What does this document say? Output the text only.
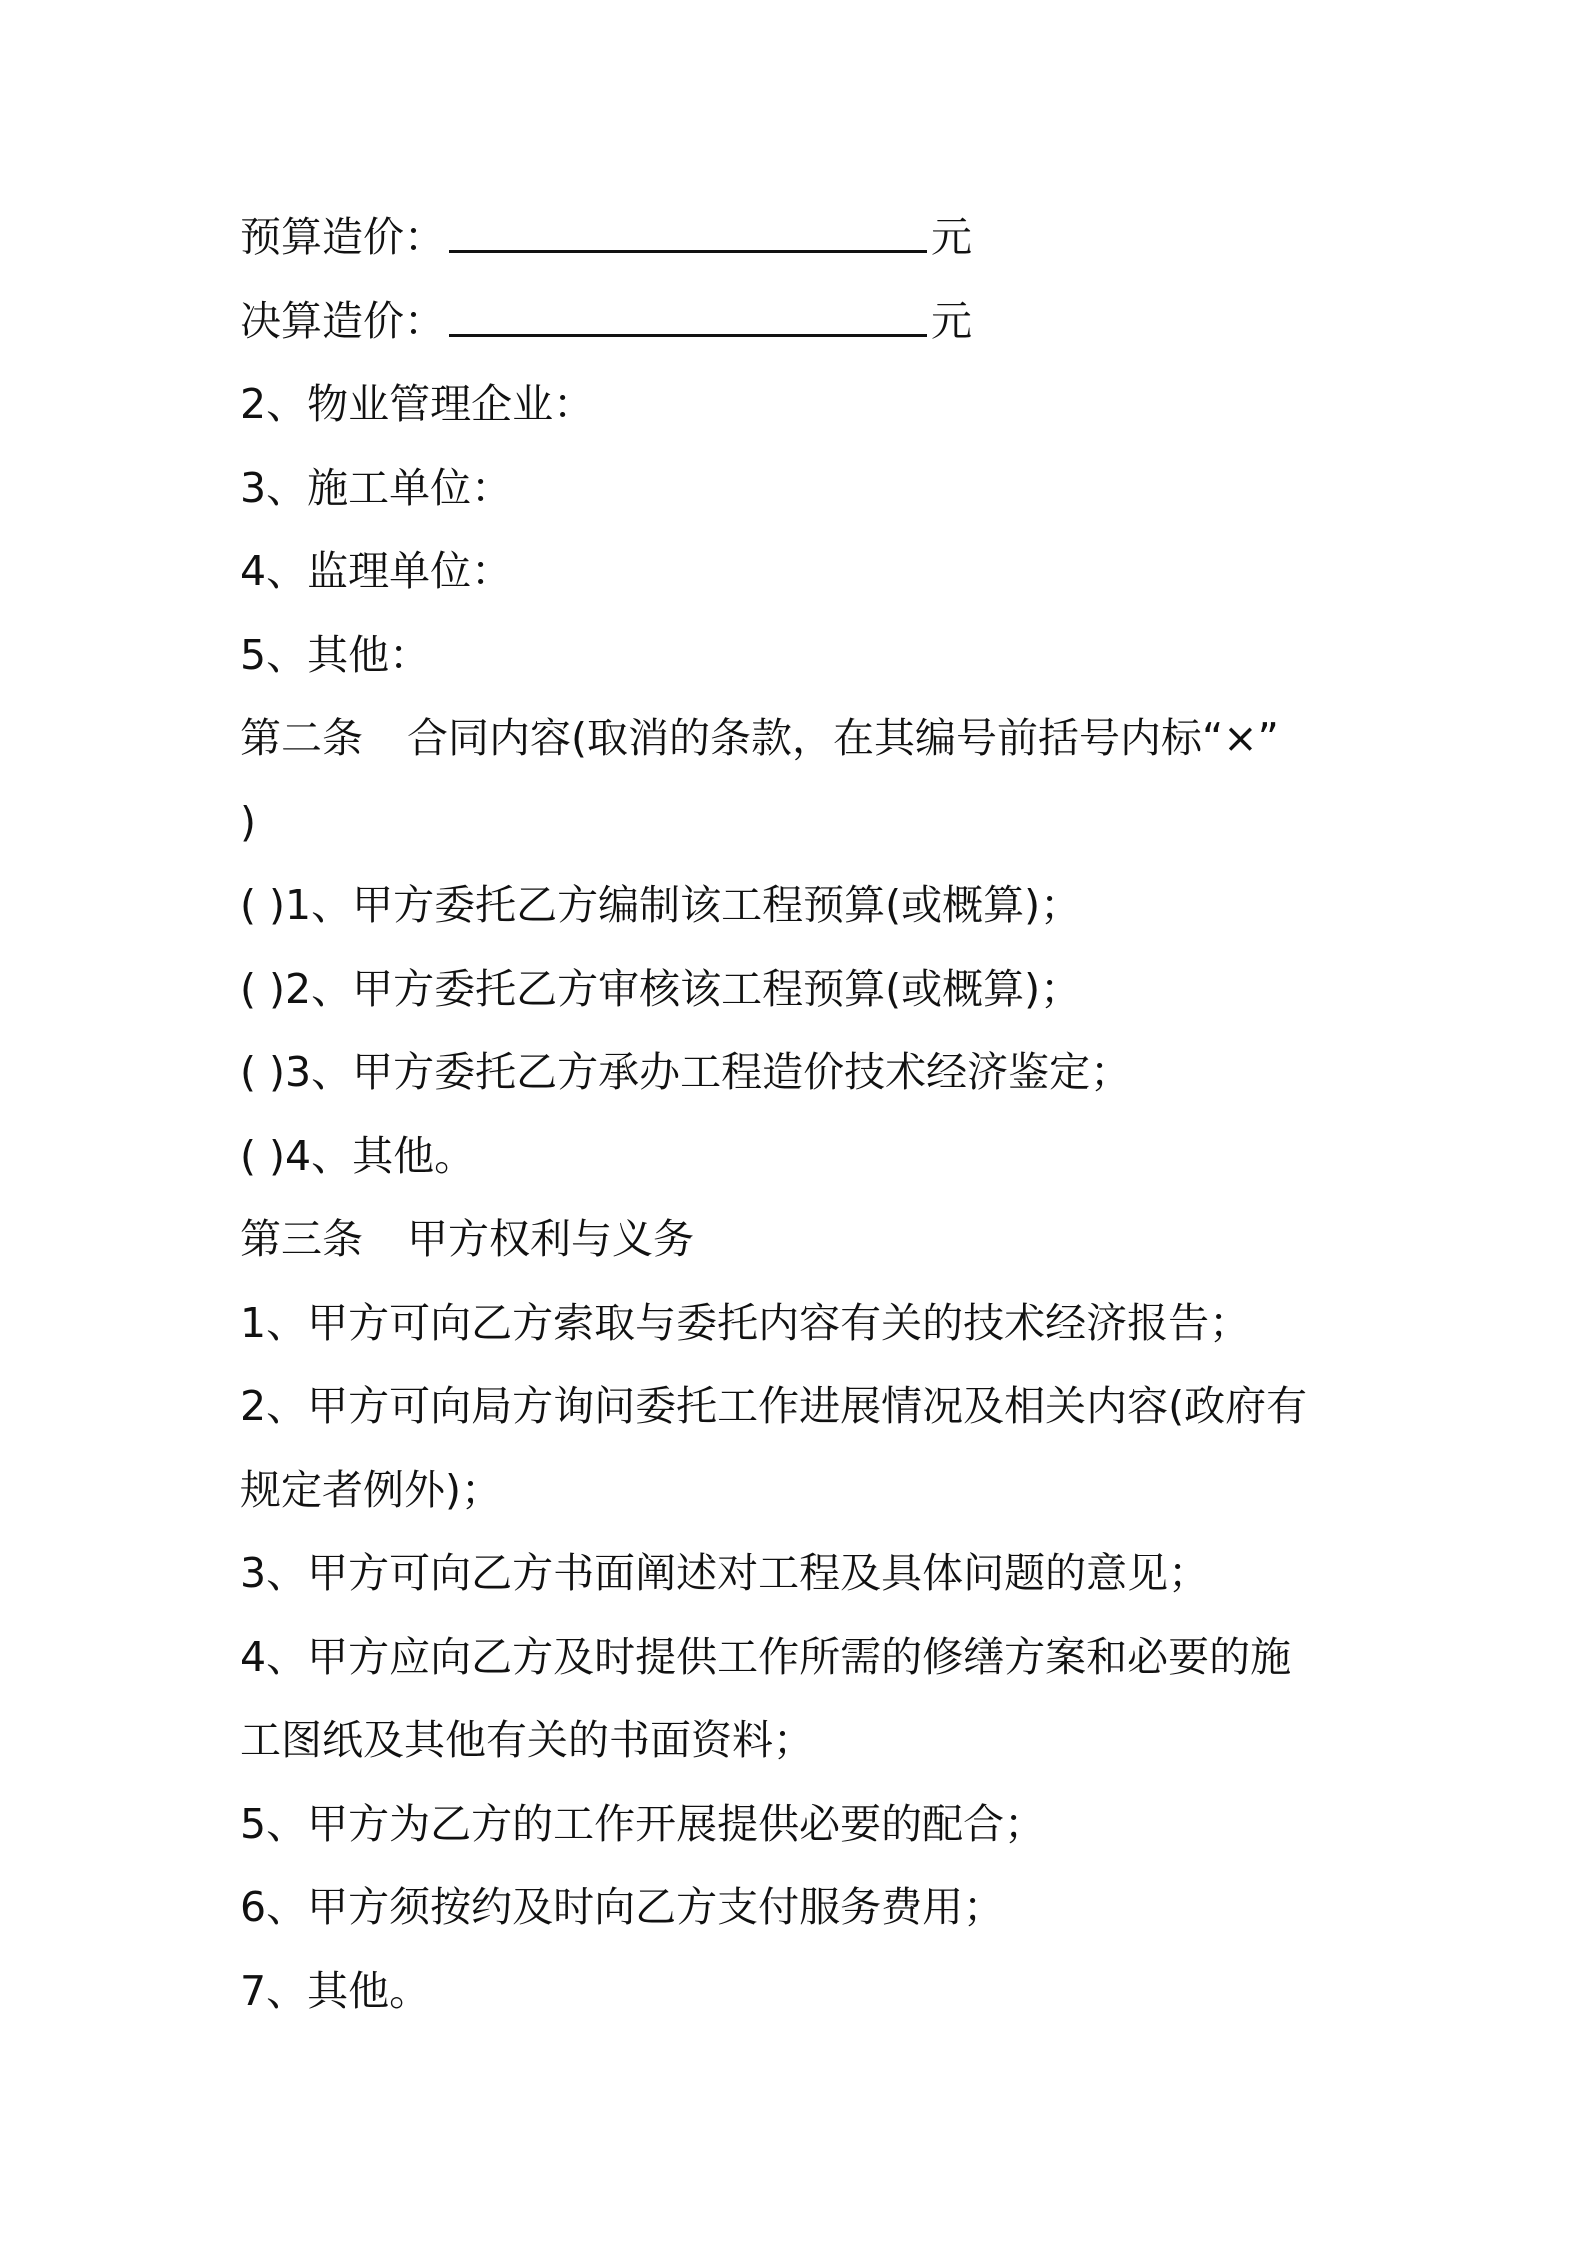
预算造价：	元
决算造价：	元
2、物业管理企业：
3、施工单位：
4、监理单位：
5、其他：
第二条 合同内容(取消的条款，在其编号前括号内标“×”
)
( )1、甲方委托乙方编制该工程预算(或概算)；
( )2、甲方委托乙方审核该工程预算(或概算)；
( )3、甲方委托乙方承办工程造价技术经济鉴定；
( )4、其他。
第三条 甲方权利与义务
1、甲方可向乙方索取与委托内容有关的技术经济报告；
2、甲方可向局方询问委托工作进展情况及相关内容(政府有
规定者例外)；
3、甲方可向乙方书面阐述对工程及具体问题的意见；
4、甲方应向乙方及时提供工作所需的修缮方案和必要的施
工图纸及其他有关的书面资料；
5、甲方为乙方的工作开展提供必要的配合；
6、甲方须按约及时向乙方支付服务费用；
7、其他。
